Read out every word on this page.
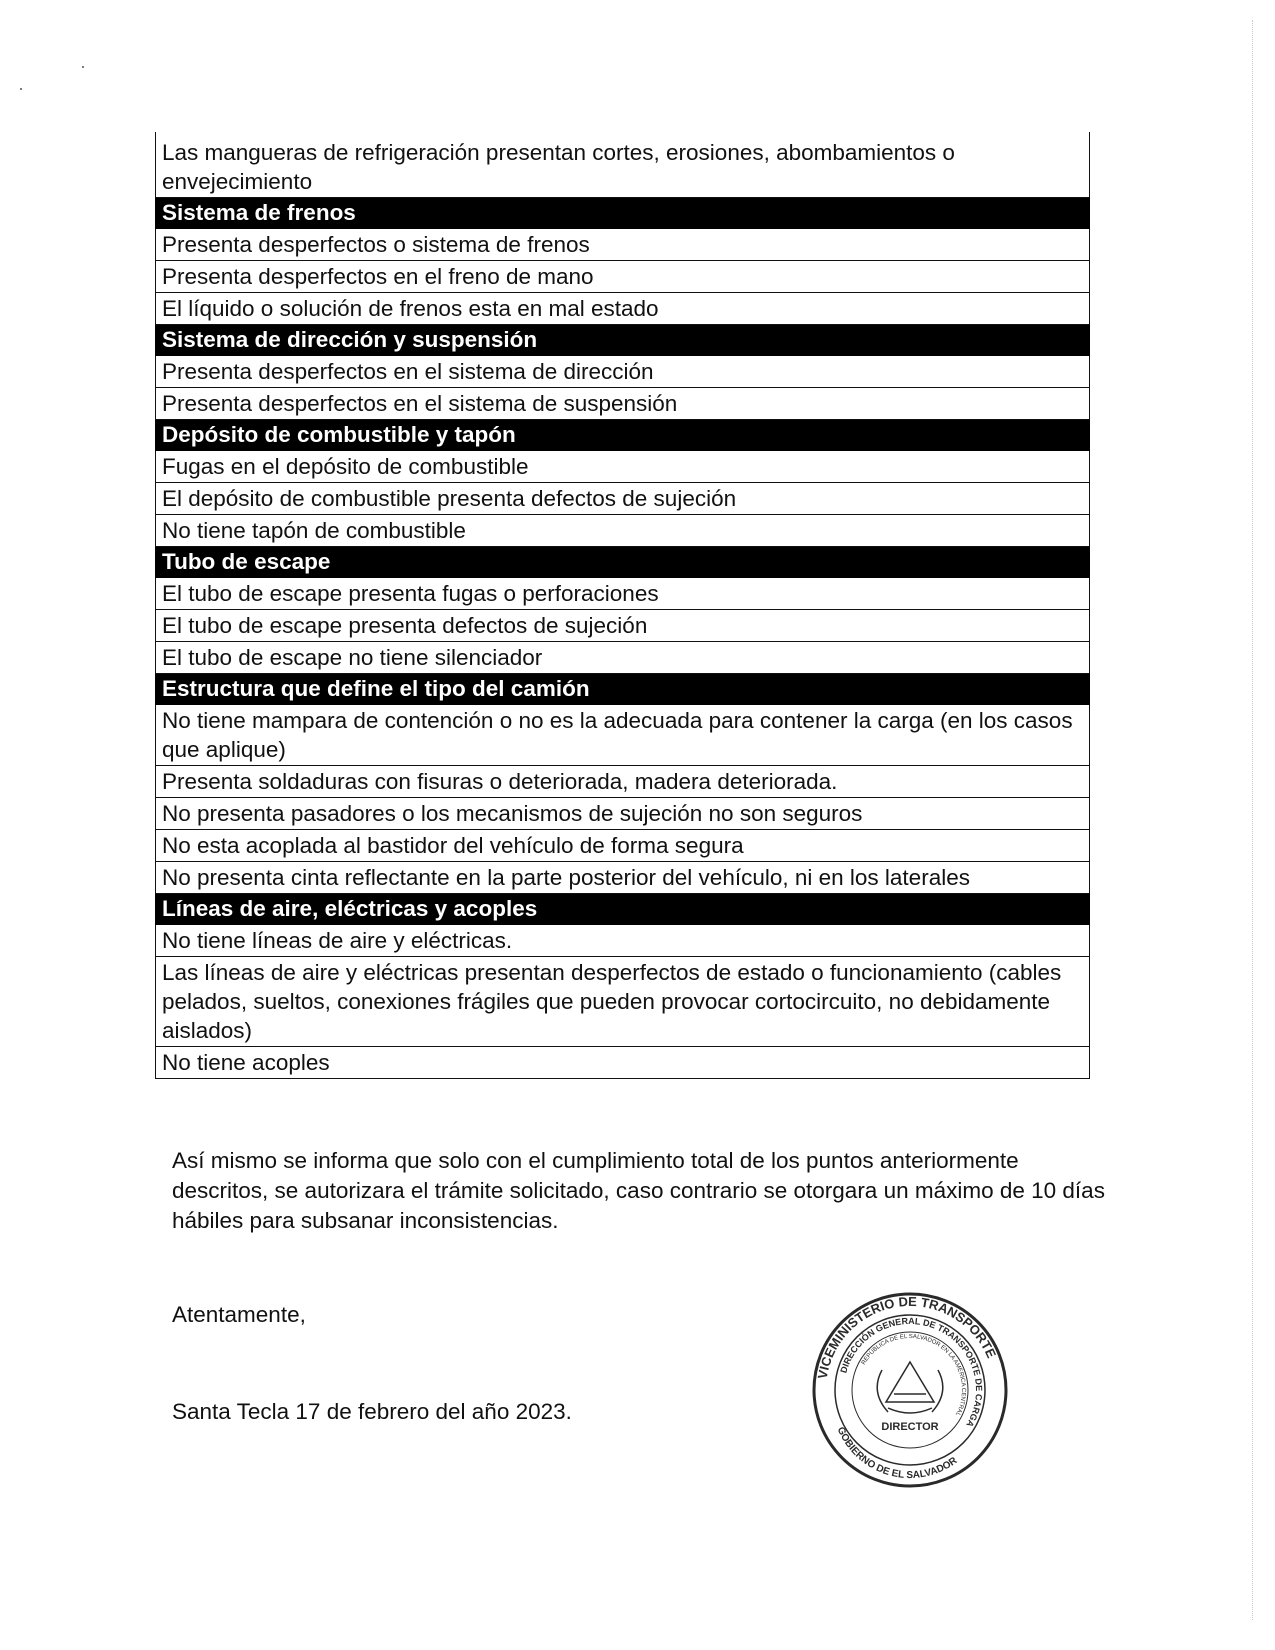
Las mangueras de refrigeración presentan cortes, erosiones, abombamientos o envejecimiento
Sistema de frenos
Presenta desperfectos o sistema de frenos
Presenta desperfectos en el freno de mano
El líquido o solución de frenos esta en mal estado
Sistema de dirección y suspensión
Presenta desperfectos en el sistema de dirección
Presenta desperfectos en el sistema de suspensión
Depósito de combustible y tapón
Fugas en el depósito de combustible
El depósito de combustible presenta defectos de sujeción
No tiene tapón de combustible
Tubo de escape
El tubo de escape presenta fugas o perforaciones
El tubo de escape presenta defectos de sujeción
El tubo de escape no tiene silenciador
Estructura que define el tipo del camión
No tiene mampara de contención o no es la adecuada para contener la carga (en los casos que aplique)
Presenta soldaduras con fisuras o deteriorada, madera deteriorada.
No presenta pasadores o los mecanismos de sujeción no son seguros
No esta acoplada al bastidor del vehículo de forma segura
No presenta cinta reflectante en la parte posterior del vehículo, ni en los laterales
Líneas de aire, eléctricas y acoples
No tiene líneas de aire y eléctricas.
Las líneas de aire y eléctricas presentan desperfectos de estado o funcionamiento (cables pelados, sueltos, conexiones frágiles que pueden provocar cortocircuito, no debidamente aislados)
No tiene acoples

Así mismo se informa que solo con el cumplimiento total de los puntos anteriormente descritos, se autorizara el trámite solicitado, caso contrario se otorgara un máximo de 10 días hábiles para subsanar inconsistencias.

Atentamente,

Santa Tecla 17 de febrero del año 2023.

VICEMINISTERIO DE TRANSPORTE
DIRECCIÓN GENERAL DE TRANSPORTE DE CARGA
REPÚBLICA DE EL SALVADOR EN LA AMÉRICA CENTRAL
GOBIERNO DE EL SALVADOR
DIRECTOR
